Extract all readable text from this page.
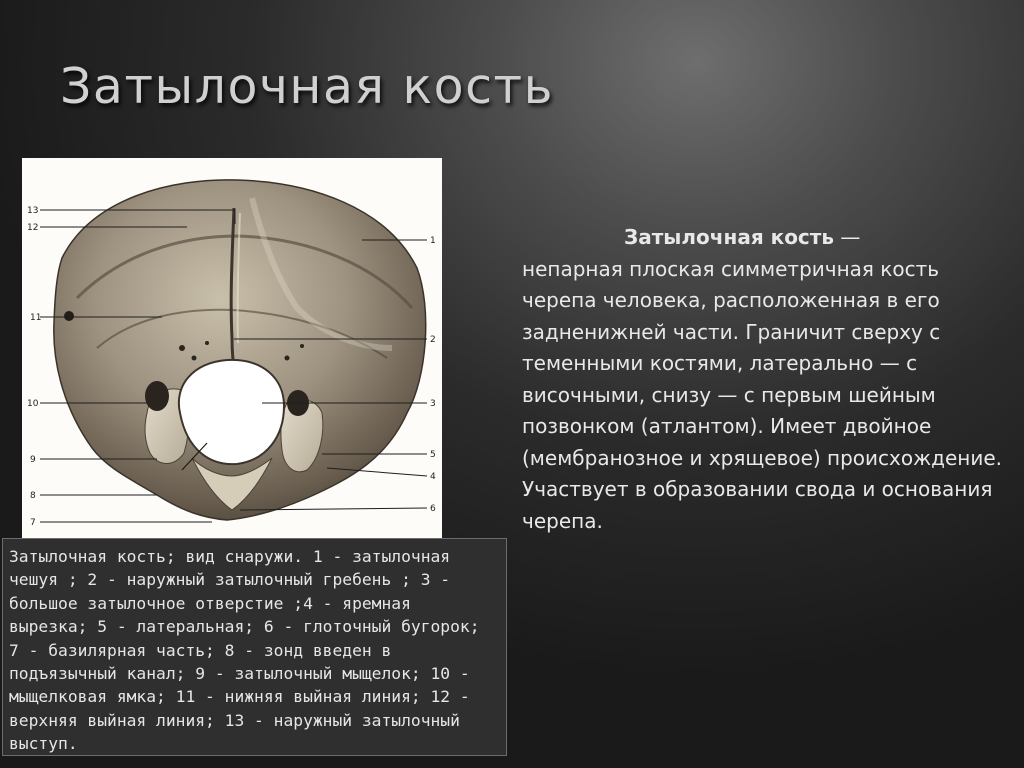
Затылочная кость
13
12
1
11
2
10	3
9	5
4
8
6
7
Затылочная кость; вид снаружи. 1 - затылочная чешуя ; 2 - наружный затылочный гребень ; 3 - большое затылочное отверстие ;4 - яремная вырезка; 5 - латеральная; 6 - глоточный бугорок; 7 - базилярная часть; 8 - зонд введен в подъязычный канал; 9 - затылочный мыщелок; 10 - мыщелковая ямка; 11 - нижняя выйная линия; 12 - верхняя выйная линия; 13 - наружный затылочный выступ.

Затылочная кость —
непарная плоская симметричная кость черепа человека, расположенная в его задненижней части. Граничит сверху с теменными костями, латерально — с височными, снизу — с первым шейным позвонком (атлантом). Имеет двойное (мембранозное и хрящевое) происхождение. Участвует в образовании свода и основания черепа.
